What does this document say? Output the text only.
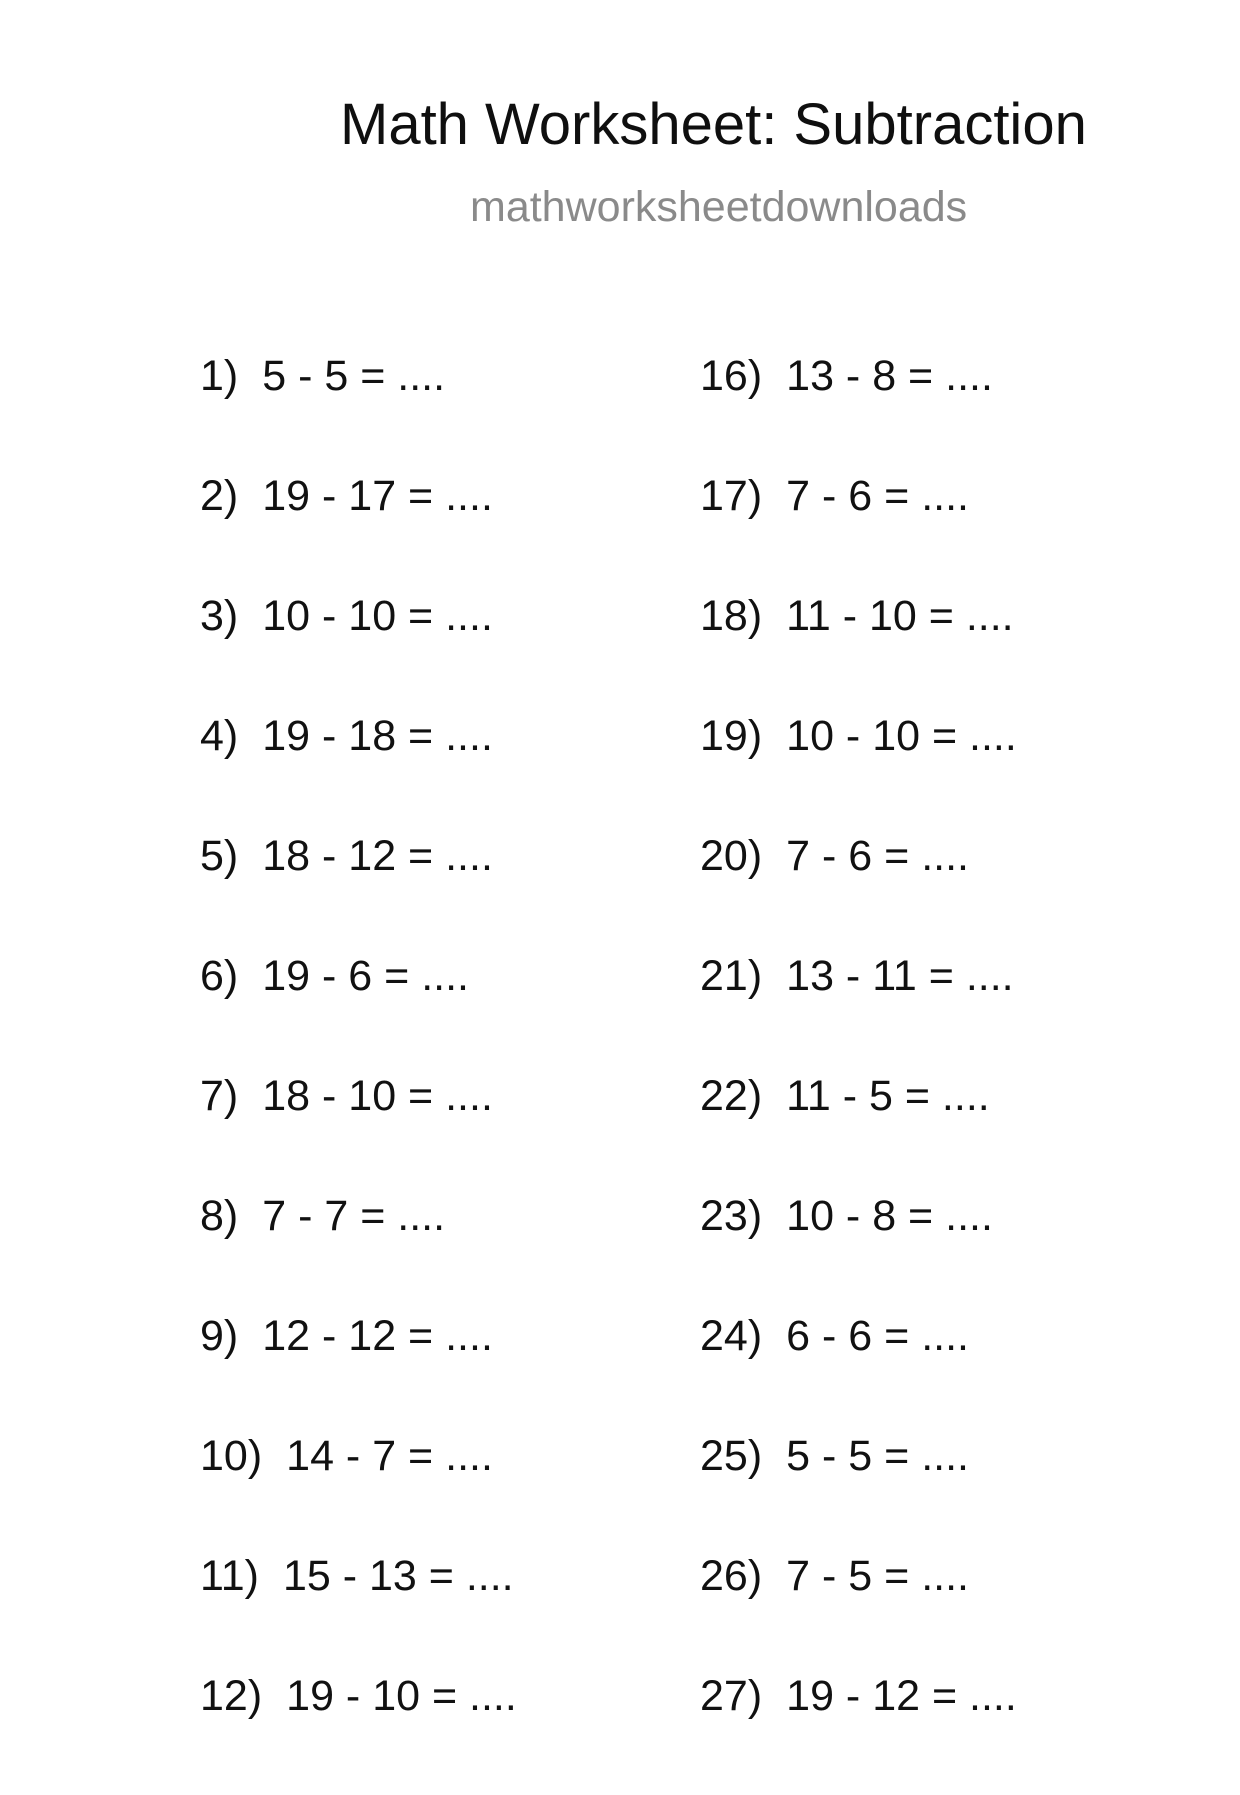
Math Worksheet: Subtraction
mathworksheetdownloads
1) 5 - 5 = ....
2) 19 - 17 = ....
3) 10 - 10 = ....
4) 19 - 18 = ....
5) 18 - 12 = ....
6) 19 - 6 = ....
7) 18 - 10 = ....
8) 7 - 7 = ....
9) 12 - 12 = ....
10) 14 - 7 = ....
11) 15 - 13 = ....
12) 19 - 10 = ....
16) 13 - 8 = ....
17) 7 - 6 = ....
18) 11 - 10 = ....
19) 10 - 10 = ....
20) 7 - 6 = ....
21) 13 - 11 = ....
22) 11 - 5 = ....
23) 10 - 8 = ....
24) 6 - 6 = ....
25) 5 - 5 = ....
26) 7 - 5 = ....
27) 19 - 12 = ....
